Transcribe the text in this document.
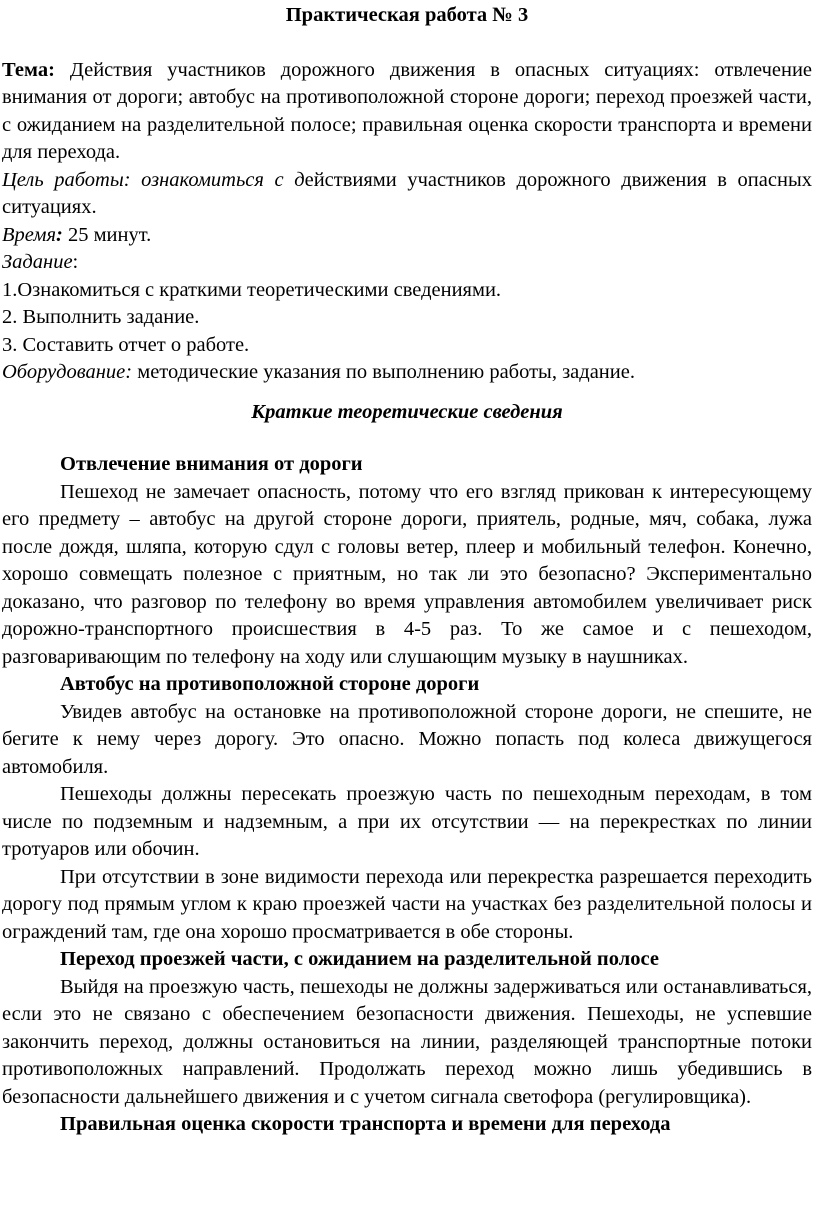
Практическая работа № 3

Тема: Действия участников дорожного движения в опасных ситуациях: отвлечение внимания от дороги; автобус на противоположной стороне дороги; переход проезжей части, с ожиданием на разделительной полосе; правильная оценка скорости транспорта и времени для перехода.

Цель работы: ознакомиться с действиями участников дорожного движения в опасных ситуациях.

Время: 25 минут.

Задание:

1.Ознакомиться с краткими теоретическими сведениями.

2. Выполнить задание.

3. Составить отчет о работе.

Оборудование: методические указания по выполнению работы, задание.

Краткие теоретические сведения

Отвлечение внимания от дороги

Пешеход не замечает опасность, потому что его взгляд прикован к интересующему его предмету – автобус на другой стороне дороги, приятель, родные, мяч, собака, лужа после дождя, шляпа, которую сдул с головы ветер, плеер и мобильный телефон. Конечно, хорошо совмещать полезное с приятным, но так ли это безопасно? Экспериментально доказано, что разговор по телефону во время управления автомобилем увеличивает риск дорожно-транспортного происшествия в 4-5 раз. То же самое и с пешеходом, разговаривающим по телефону на ходу или слушающим музыку в наушниках.

Автобус на противоположной стороне дороги

Увидев автобус на остановке на противоположной стороне дороги, не спешите, не бегите к нему через дорогу. Это опасно. Можно попасть под колеса движущегося автомобиля.

Пешеходы должны пересекать проезжую часть по пешеходным переходам, в том числе по подземным и надземным, а при их отсутствии — на перекрестках по линии тротуаров или обочин.

При отсутствии в зоне видимости перехода или перекрестка разрешается переходить дорогу под прямым углом к краю проезжей части на участках без разделительной полосы и ограждений там, где она хорошо просматривается в обе стороны.

Переход проезжей части, с ожиданием на разделительной полосе

Выйдя на проезжую часть, пешеходы не должны задерживаться или останавливаться, если это не связано с обеспечением безопасности движения. Пешеходы, не успевшие закончить переход, должны остановиться на линии, разделяющей транспортные потоки противоположных направлений. Продолжать переход можно лишь убедившись в безопасности дальнейшего движения и с учетом сигнала светофора (регулировщика).

Правильная оценка скорости транспорта и времени для перехода
